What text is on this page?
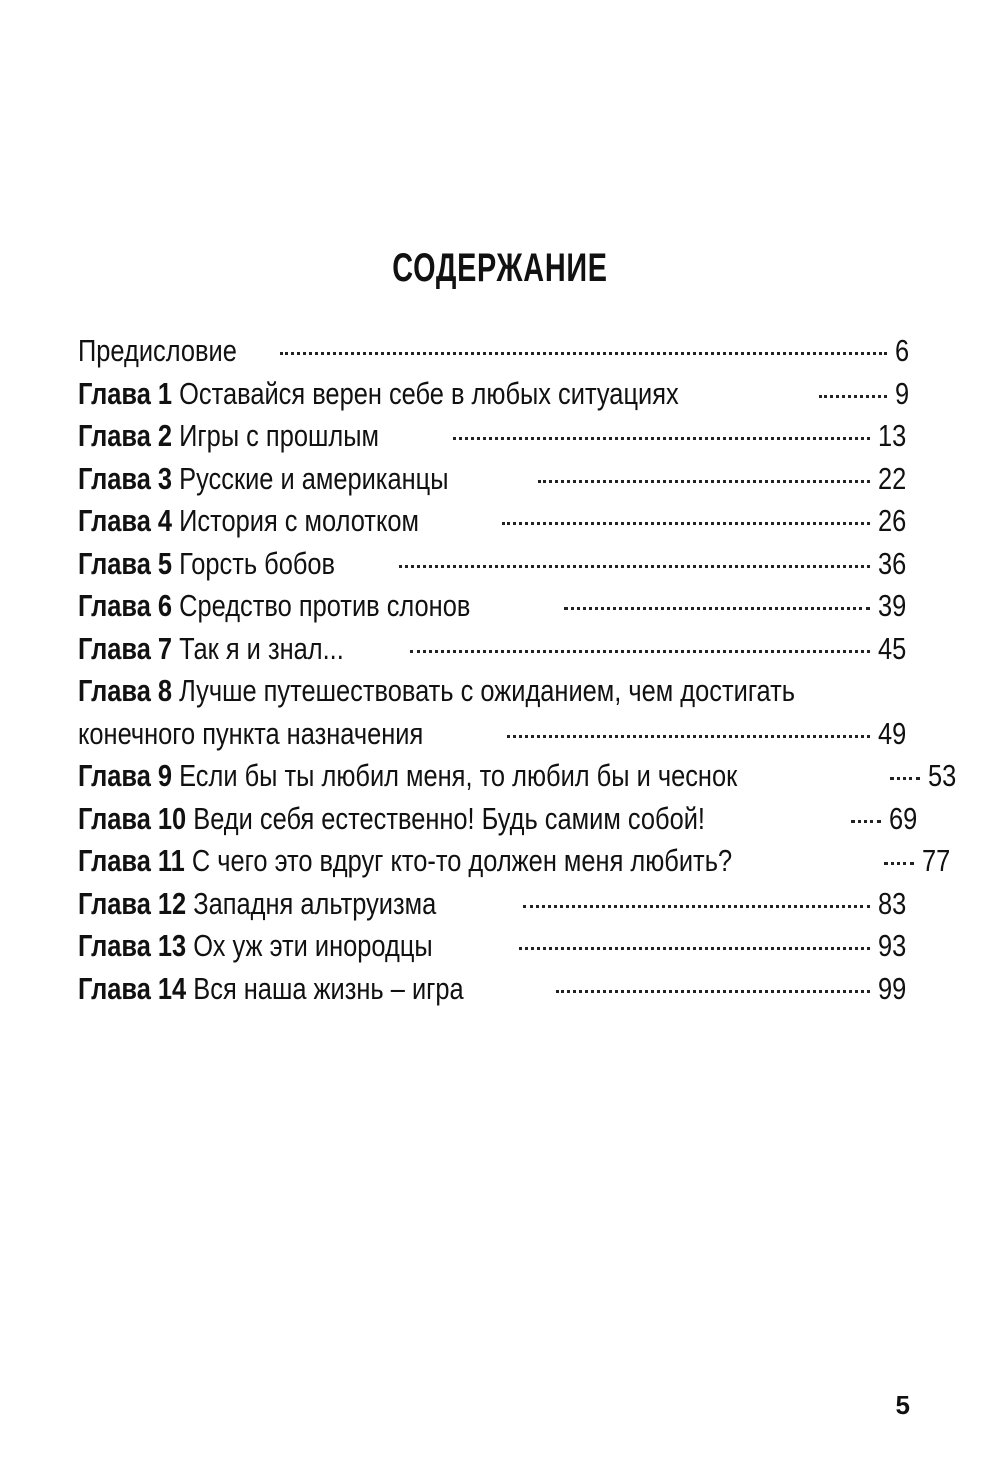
СОДЕРЖАНИЕ
Предисловие	6
Глава 1 Оставайся верен себе в любых ситуациях	9
Глава 2 Игры с прошлым	13
Глава 3 Русские и американцы	22
Глава 4 История с молотком	26
Глава 5 Горсть бобов	36
Глава 6 Средство против слонов	39
Глава 7 Так я и знал...	45
Глава 8 Лучше путешествовать с ожиданием, чем достигать
конечного пункта назначения	49
Глава 9 Если бы ты любил меня, то любил бы и чеснок	53
Глава 10 Веди себя естественно! Будь самим собой!	69
Глава 11 С чего это вдруг кто-то должен меня любить?	77
Глава 12 Западня альтруизма	83
Глава 13 Ох уж эти инородцы	93
Глава 14 Вся наша жизнь – игра	99
5
